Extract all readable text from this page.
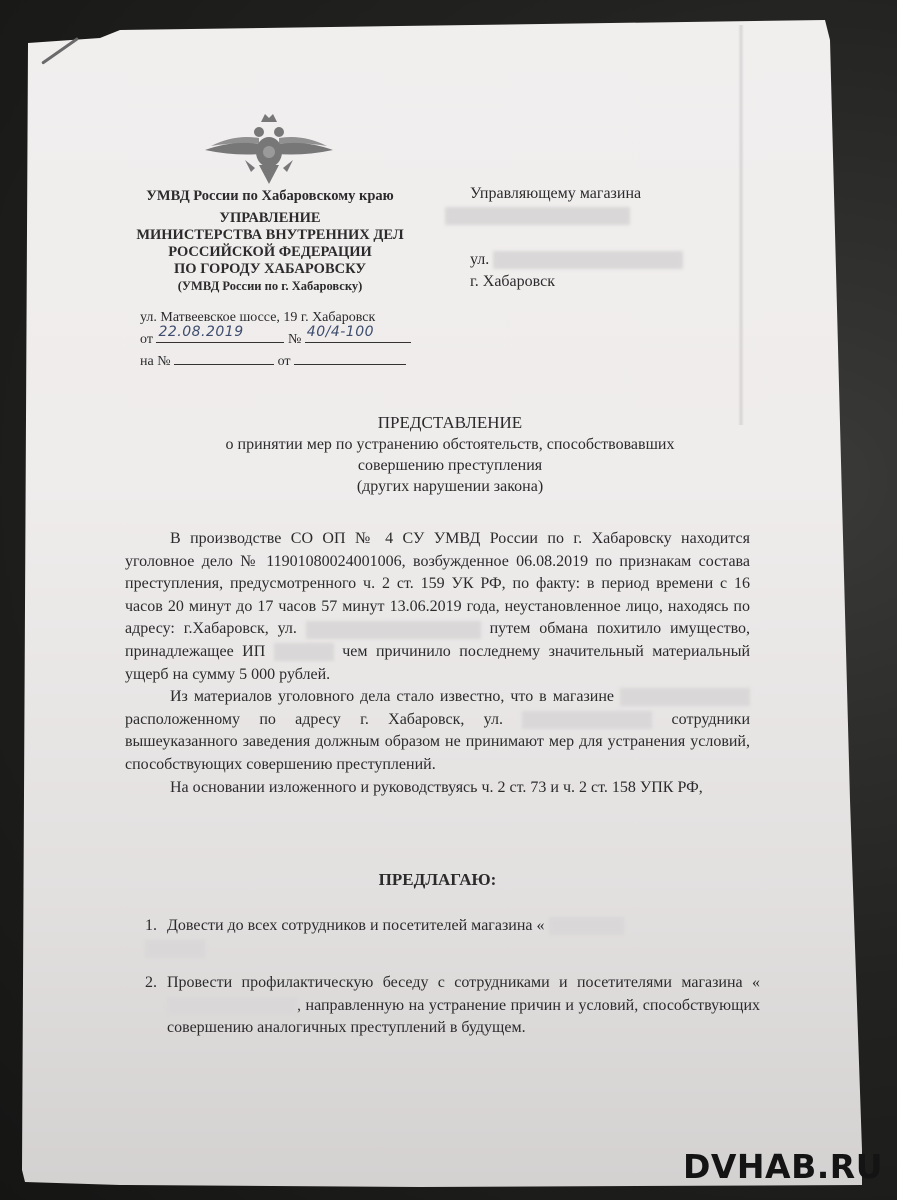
УМВД России по Хабаровскому краю
УПРАВЛЕНИЕ
МИНИСТЕРСТВА ВНУТРЕННИХ ДЕЛ
РОССИЙСКОЙ ФЕДЕРАЦИИ
ПО ГОРОДУ ХАБАРОВСКУ
(УМВД России по г. Хабаровску)
ул. Матвеевское шоссе, 19 г. Хабаровск
от 22.08.2019	№ 40/4-100
на №	от
Управляющему магазина
ул.
г. Хабаровск
ПРЕДСТАВЛЕНИЕ
о принятии мер по устранению обстоятельств, способствовавших
совершению преступления
(других нарушении закона)

В производстве СО ОП № 4 СУ УМВД России по г. Хабаровску находится уголовное дело № 11901080024001006, возбужденное 06.08.2019 по признакам состава преступления, предусмотренного ч. 2 ст. 159 УК РФ, по факту: в период времени с 16 часов 20 минут до 17 часов 57 минут 13.06.2019 года, неустановленное лицо, находясь по адресу: г.Хабаровск, ул.	путем обмана похитило имущество, принадлежащее ИП	чем причинило последнему значительный материальный ущерб на сумму 5 000 рублей.

Из материалов уголовного дела стало известно, что в магазине  расположенному по адресу г. Хабаровск, ул.	сотрудники вышеуказанного заведения должным образом не принимают мер для устранения условий, способствующих совершению преступлений.

На основании изложенного и руководствуясь ч. 2 ст. 73 и ч. 2 ст. 158 УПК РФ,

ПРЕДЛАГАЮ:
1. Довести до всех сотрудников и посетителей магазина «

2. Провести профилактическую беседу с сотрудниками и посетителями магазина « , направленную на устранение причин и условий, способствующих совершению аналогичных преступлений в будущем.
DVHAB.RU
